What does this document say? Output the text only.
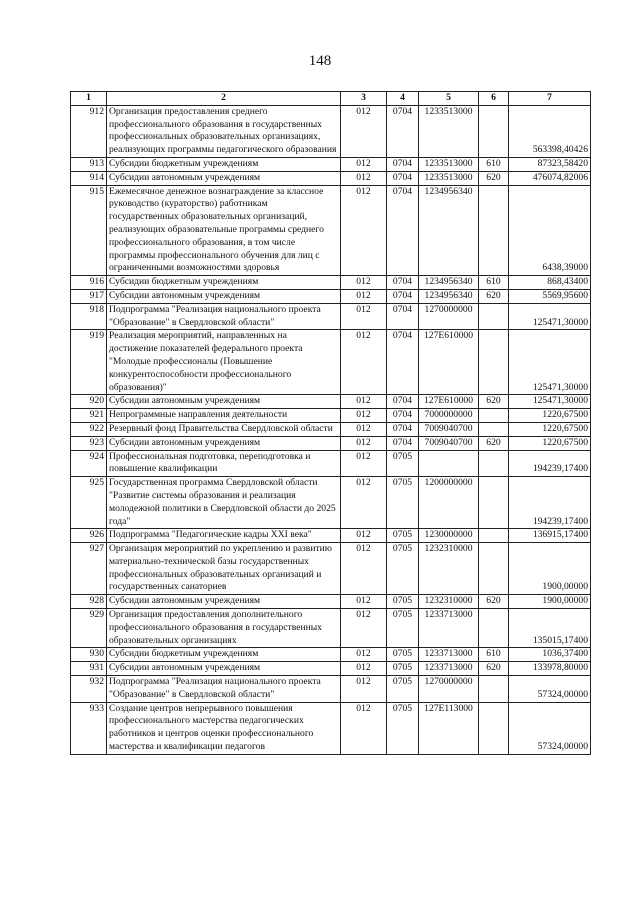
148
1	2	3	4	5	6	7
912	Организация предоставления среднего профессионального образования в государственных профессиональных образовательных организациях, реализующих программы педагогического образования	012	0704	1233513000		563398,40426
913	Субсидии бюджетным учреждениям	012	0704	1233513000	610	87323,58420
914	Субсидии автономным учреждениям	012	0704	1233513000	620	476074,82006
915	Ежемесячное денежное вознаграждение за классное руководство (кураторство) работникам государственных образовательных организаций, реализующих образовательные программы среднего профессионального образования, в том числе программы профессионального обучения для лиц с ограниченными возможностями здоровья	012	0704	1234956340		6438,39000
916	Субсидии бюджетным учреждениям	012	0704	1234956340	610	868,43400
917	Субсидии автономным учреждениям	012	0704	1234956340	620	5569,95600
918	Подпрограмма "Реализация национального проекта "Образование" в Свердловской области"	012	0704	1270000000		125471,30000
919	Реализация мероприятий, направленных на достижение показателей федерального проекта "Молодые профессионалы (Повышение конкурентоспособности профессионального образования)"	012	0704	127Е610000		125471,30000
920	Субсидии автономным учреждениям	012	0704	127Е610000	620	125471,30000
921	Непрограммные направления деятельности	012	0704	7000000000		1220,67500
922	Резервный фонд Правительства Свердловской области	012	0704	7009040700		1220,67500
923	Субсидии автономным учреждениям	012	0704	7009040700	620	1220,67500
924	Профессиональная подготовка, переподготовка и повышение квалификации	012	0705			194239,17400
925	Государственная программа Свердловской области "Развитие системы образования и реализация молодежной политики в Свердловской области до 2025 года"	012	0705	1200000000		194239,17400
926	Подпрограмма "Педагогические кадры XXI века"	012	0705	1230000000		136915,17400
927	Организация мероприятий по укреплению и развитию материально-технической базы государственных профессиональных образовательных организаций и государственных санаториев	012	0705	1232310000		1900,00000
928	Субсидии автономным учреждениям	012	0705	1232310000	620	1900,00000
929	Организация предоставления дополнительного профессионального образования в государственных образовательных организациях	012	0705	1233713000		135015,17400
930	Субсидии бюджетным учреждениям	012	0705	1233713000	610	1036,37400
931	Субсидии автономным учреждениям	012	0705	1233713000	620	133978,80000
932	Подпрограмма "Реализация национального проекта "Образование" в Свердловской области"	012	0705	1270000000		57324,00000
933	Создание центров непрерывного повышения профессионального мастерства педагогических работников и центров оценки профессионального мастерства и квалификации педагогов	012	0705	127Е113000		57324,00000
